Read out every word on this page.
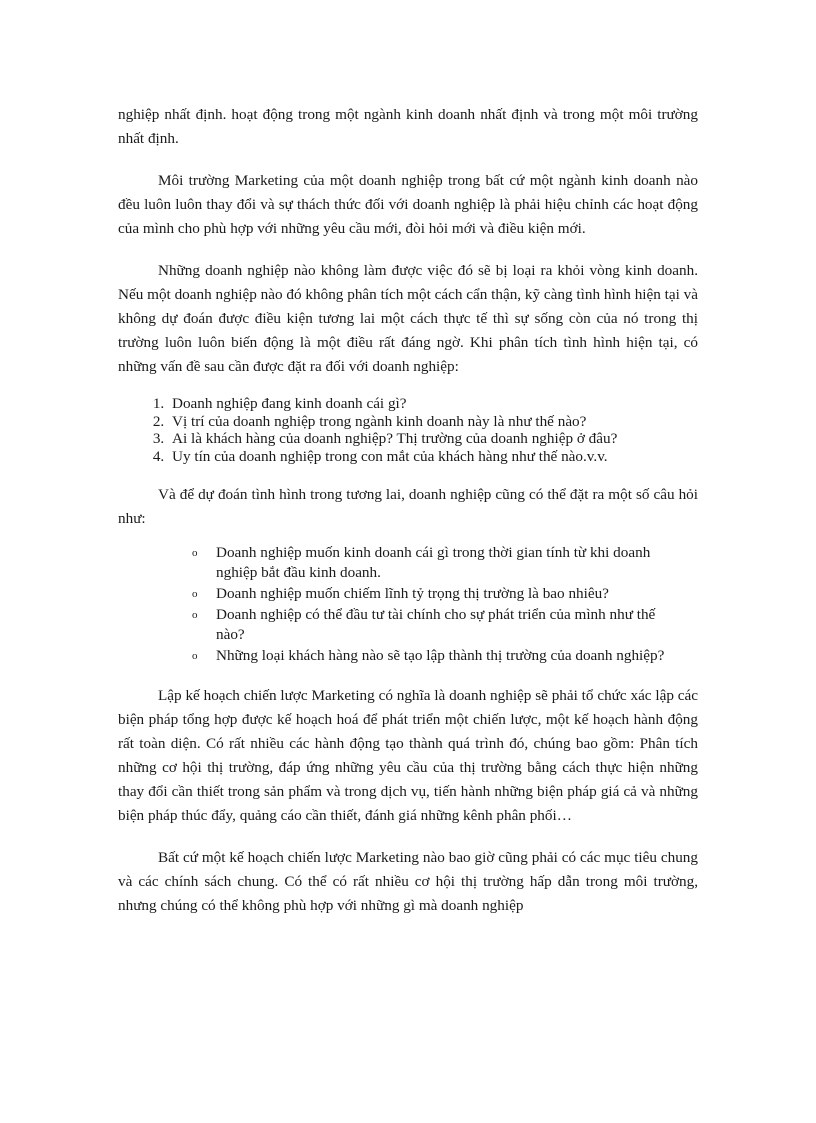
nghiệp nhất định. hoạt động trong một ngành kinh doanh nhất định và trong một môi trường nhất định.

Môi trường Marketing của một doanh nghiệp trong bất cứ một ngành kinh doanh nào đều luôn luôn thay đổi và sự thách thức đối với doanh nghiệp là phải hiệu chỉnh các hoạt động của mình cho phù hợp với những yêu cầu mới, đòi hỏi mới và điều kiện mới.

Những doanh nghiệp nào không làm được việc đó sẽ bị loại ra khỏi vòng kinh doanh. Nếu một doanh nghiệp nào đó không phân tích một cách cẩn thận, kỹ càng tình hình hiện tại và không dự đoán được điều kiện tương lai một cách thực tế thì sự sống còn của nó trong thị trường luôn luôn biến động là một điều rất đáng ngờ. Khi phân tích tình hình hiện tại, có những vấn đề sau cần được đặt ra đối với doanh nghiệp:

1. Doanh nghiệp đang kinh doanh cái gì?
2. Vị trí của doanh nghiệp trong ngành kinh doanh này là như thế nào?
3. Ai là khách hàng của doanh nghiệp? Thị trường của doanh nghiệp ở đâu?
4. Uy tín của doanh nghiệp trong con mắt của khách hàng như thế nào.v.v.

Và để dự đoán tình hình trong tương lai, doanh nghiệp cũng có thể đặt ra một số câu hỏi như:

o Doanh nghiệp muốn kinh doanh cái gì trong thời gian tính từ khi doanh nghiệp bắt đầu kinh doanh.
o Doanh nghiệp muốn chiếm lĩnh tỷ trọng thị trường là bao nhiêu?
o Doanh nghiệp có thể đầu tư tài chính cho sự phát triển của mình như thế nào?
o Những loại khách hàng nào sẽ tạo lập thành thị trường của doanh nghiệp?

Lập kế hoạch chiến lược Marketing có nghĩa là doanh nghiệp sẽ phải tổ chức xác lập các biện pháp tổng hợp được kế hoạch hoá để phát triển một chiến lược, một kế hoạch hành động rất toàn diện. Có rất nhiều các hành động tạo thành quá trình đó, chúng bao gồm: Phân tích những cơ hội thị trường, đáp ứng những yêu cầu của thị trường bằng cách thực hiện những thay đổi cần thiết trong sản phẩm và trong dịch vụ, tiến hành những biện pháp giá cả và những biện pháp thúc đẩy, quảng cáo cần thiết, đánh giá những kênh phân phối…

Bất cứ một kế hoạch chiến lược Marketing nào bao giờ cũng phải có các mục tiêu chung và các chính sách chung. Có thể có rất nhiều cơ hội thị trường hấp dẫn trong môi trường, nhưng chúng có thể không phù hợp với những gì mà doanh nghiệp
